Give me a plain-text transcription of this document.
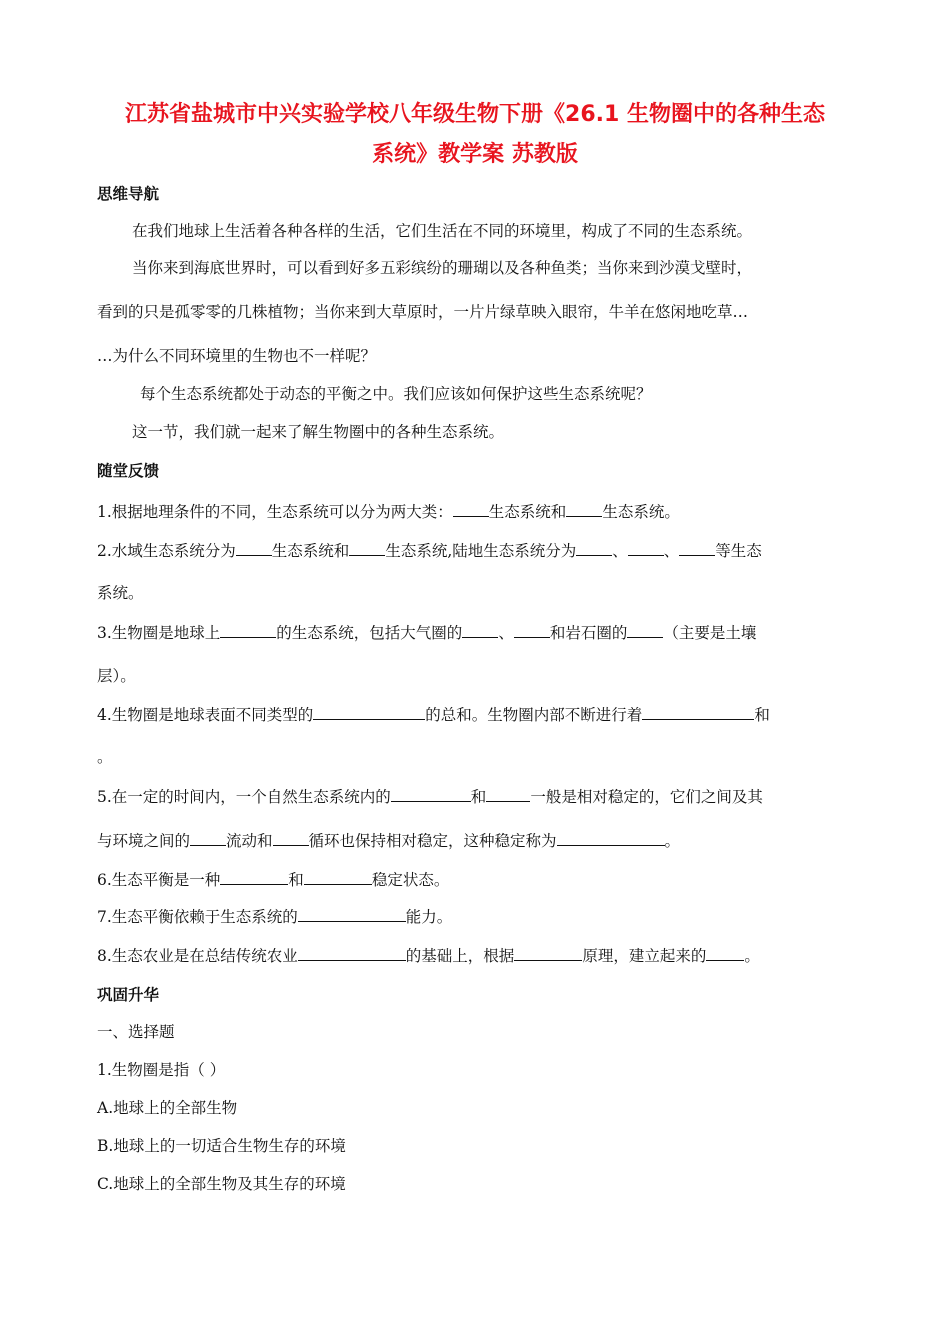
江苏省盐城市中兴实验学校八年级生物下册《26.1 生物圈中的各种生态
系统》教学案 苏教版
思维导航
在我们地球上生活着各种各样的生活，它们生活在不同的环境里，构成了不同的生态系统。
当你来到海底世界时，可以看到好多五彩缤纷的珊瑚以及各种鱼类；当你来到沙漠戈壁时，
看到的只是孤零零的几株植物；当你来到大草原时，一片片绿草映入眼帘，牛羊在悠闲地吃草…
…为什么不同环境里的生物也不一样呢？
每个生态系统都处于动态的平衡之中。我们应该如何保护这些生态系统呢？
这一节，我们就一起来了解生物圈中的各种生态系统。
随堂反馈
1.根据地理条件的不同，生态系统可以分为两大类： 生态系统和 生态系统。
2.水域生态系统分为 生态系统和 生态系统,陆地生态系统分为 、 、 等生态
系统。
3.生物圈是地球上	的生态系统，包括大气圈的 、 和岩石圈的 （主要是土壤
层）。
4.生物圈是地球表面不同类型的	的总和。生物圈内部不断进行着	和
。
5.在一定的时间内，一个自然生态系统内的	和	一般是相对稳定的，它们之间及其
与环境之间的 流动和 循环也保持相对稳定，这种稳定称为	。
6.生态平衡是一种	和	稳定状态。
7.生态平衡依赖于生态系统的	能力。
8.生态农业是在总结传统农业	的基础上，根据	原理，建立起来的 。
巩固升华
一、选择题
1.生物圈是指（ ）
A.地球上的全部生物
B.地球上的一切适合生物生存的环境
C.地球上的全部生物及其生存的环境
